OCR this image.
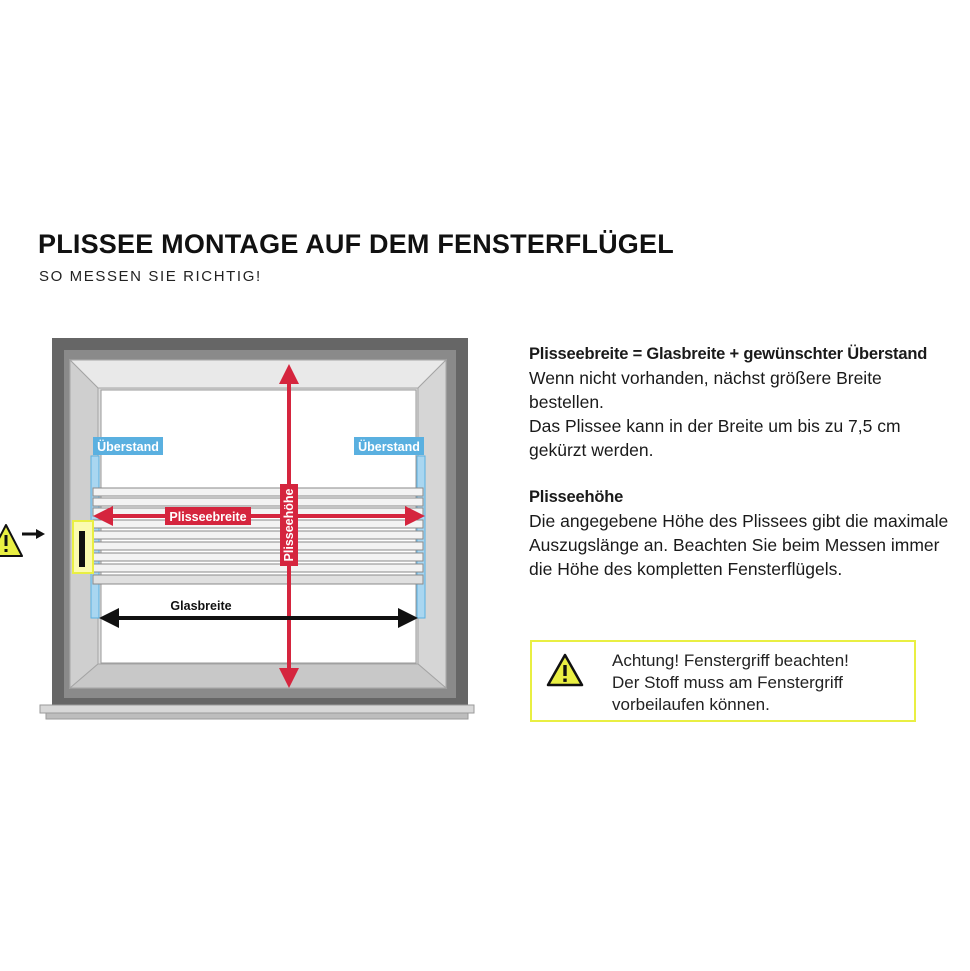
PLISSEE MONTAGE AUF DEM FENSTERFLÜGEL

SO MESSEN SIE RICHTIG!

Überstand	Überstand
Plisseebreite	Plisseehöhe
Glasbreite
Plisseebreite = Glasbreite + gewünschter Überstand
Wenn nicht vorhanden, nächst größere Breite bestellen.
Das Plissee kann in der Breite um bis zu 7,5 cm gekürzt werden.
Plisseehöhe
Die angegebene Höhe des Plissees gibt die maximale Auszugslänge an. Beachten Sie beim Messen immer die Höhe des kompletten Fensterflügels.
Achtung! Fenstergriff beachten!
Der Stoff muss am Fenstergriff
vorbeilaufen können.
